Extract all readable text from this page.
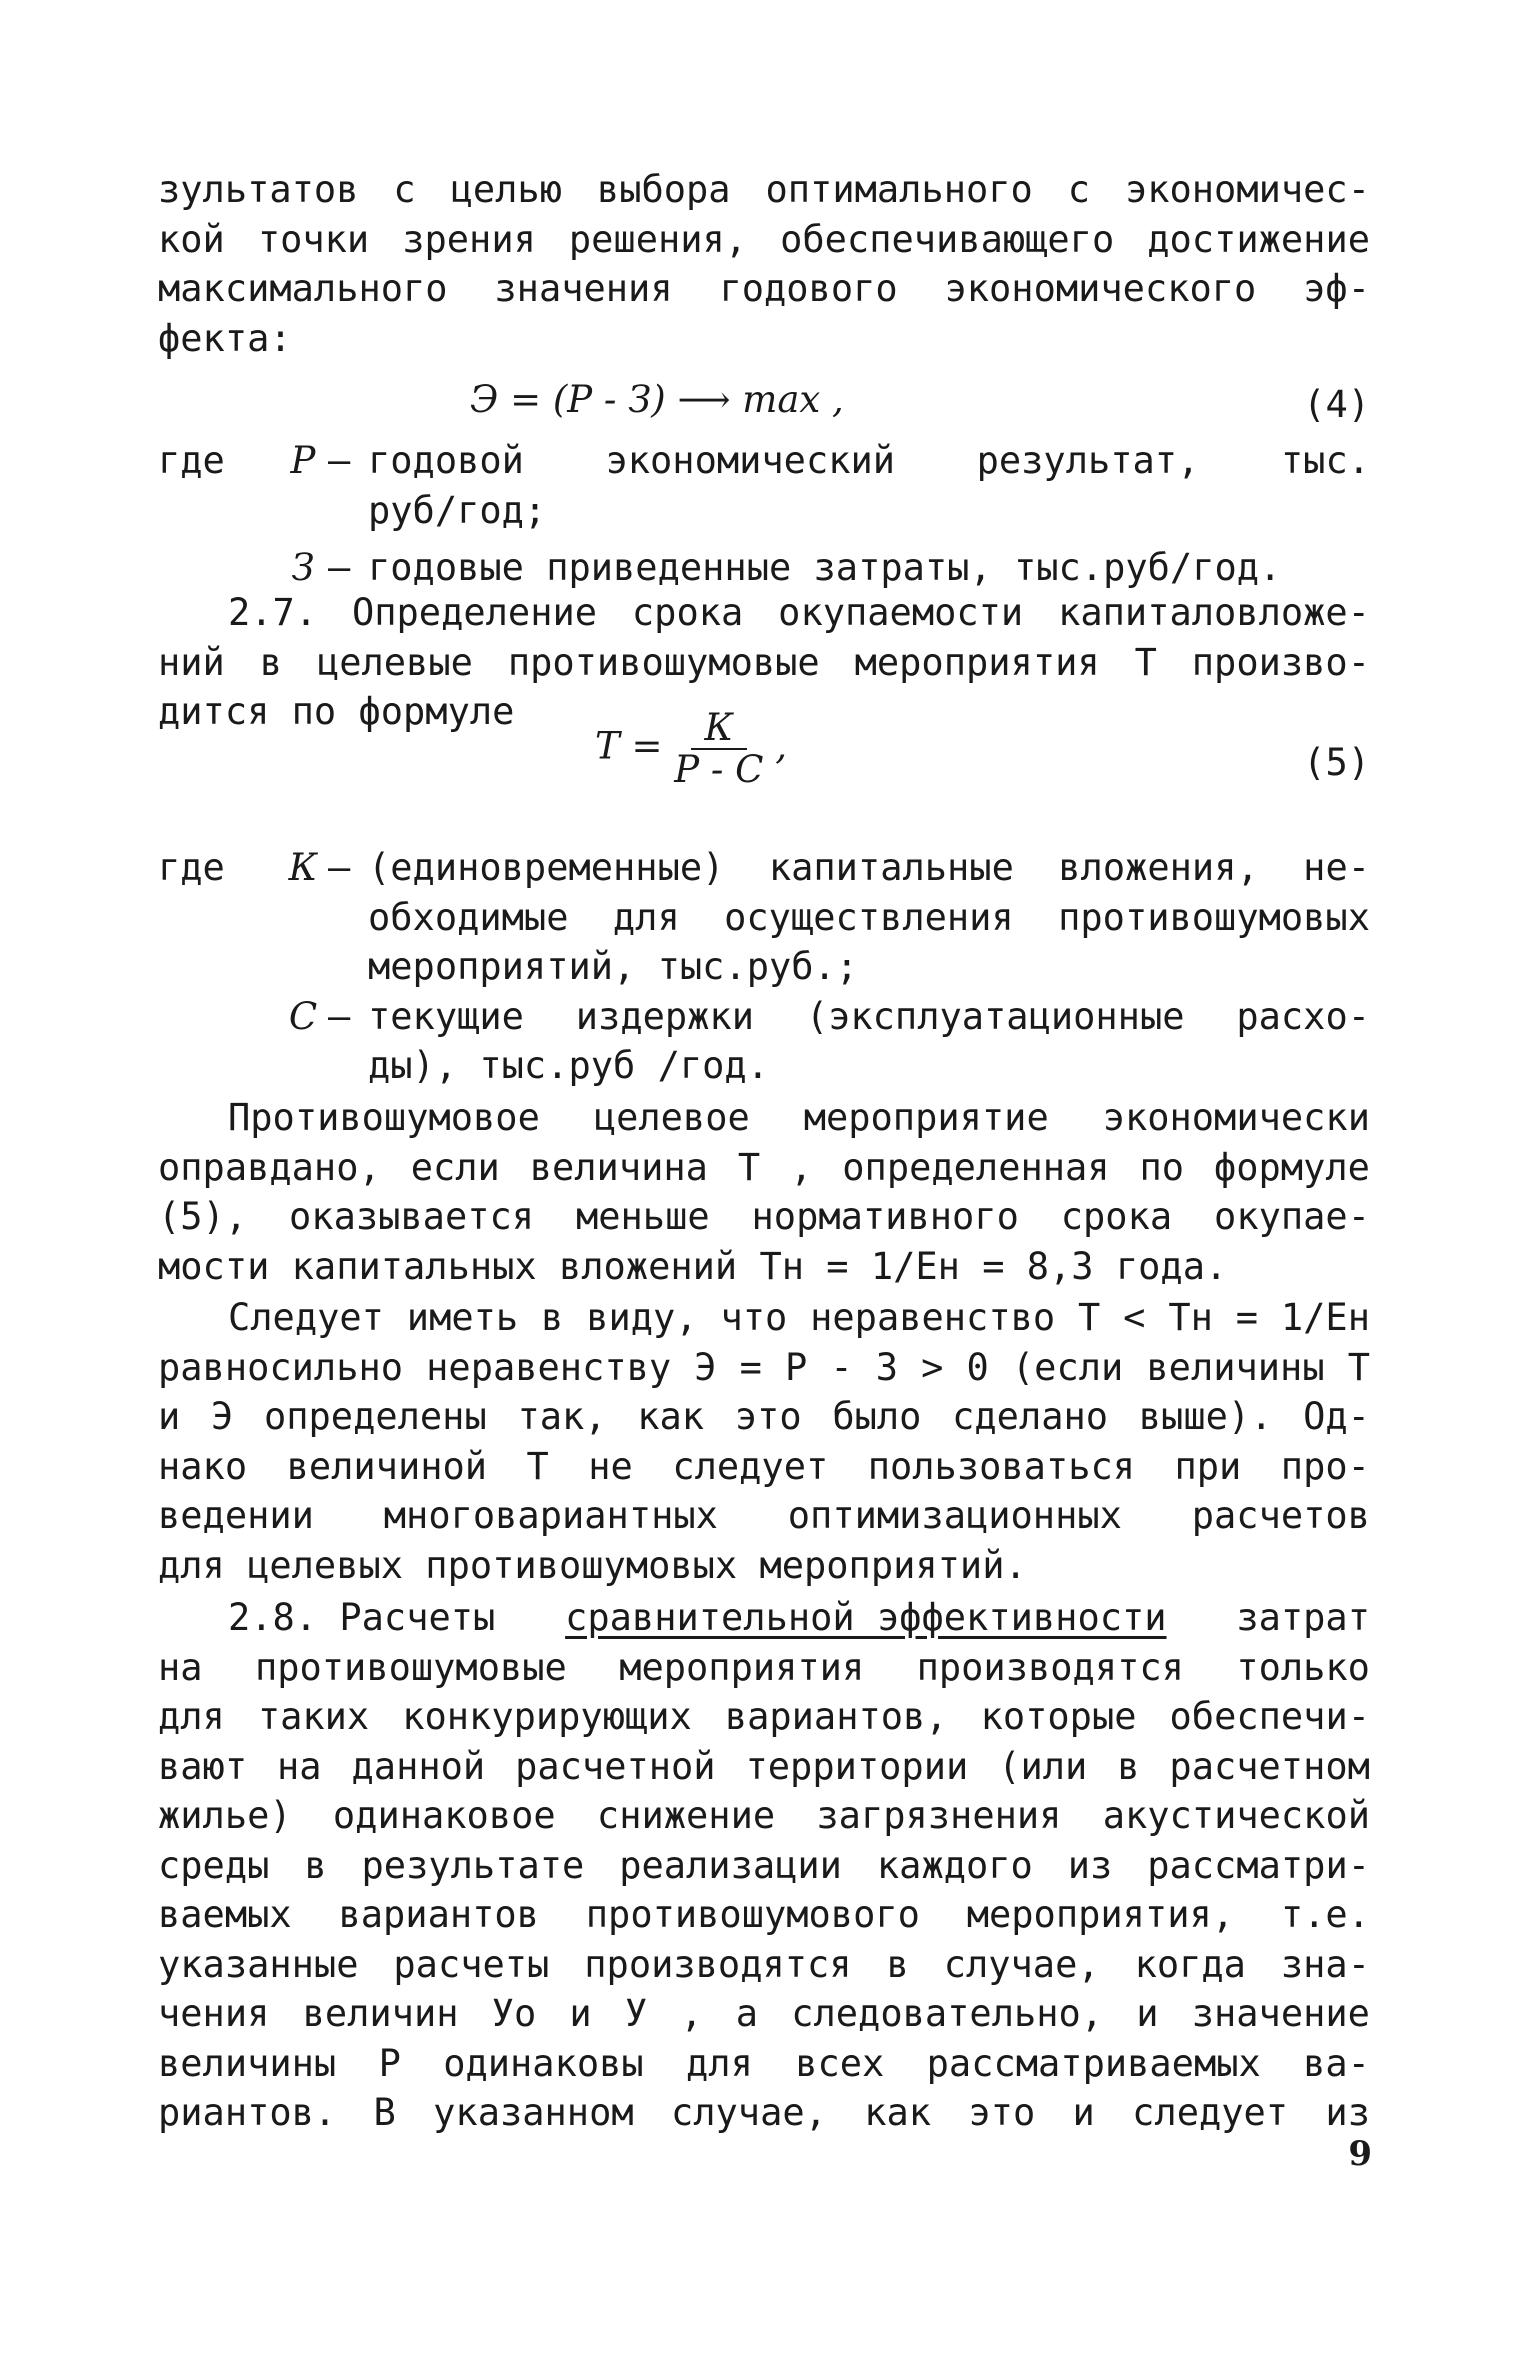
зультатов с целью выбора оптимального с экономичес-
кой точки зрения решения, обеспечивающего достижение
максимального значения годового экономического эф-
фекта:
Э = (Р - З) ⟶ max ,	(4)
где	Р – годовой экономический результат, тыс.
руб/год;
З – годовые приведенные затраты, тыс.руб/год.
2.7. Определение срока окупаемости капиталовложе-
ний в целевые противошумовые мероприятия Т произво-
дится по формуле
$Т = \frac{К}{Р - С}$ ,	(5)
где	К – (единовременные) капитальные вложения, не-
обходимые для осуществления противошумовых
мероприятий, тыс.руб.;
С – текущие издержки (эксплуатационные расхо-
ды), тыс.руб /год.
Противошумовое целевое мероприятие экономически
оправдано, если величина Т , определенная по формуле
(5), оказывается меньше нормативного срока окупае-
мости капитальных вложений Тн = 1/Ен = 8,3 года.
Следует иметь в виду, что неравенство Т < Тн = 1/Ен
равносильно неравенству Э = Р - З > 0 (если величины Т
и Э определены так, как это было сделано выше). Од-
нако величиной Т не следует пользоваться при про-
ведении многовариантных оптимизационных расчетов
для целевых противошумовых мероприятий.
2.8. Расчеты сравнительной эффективности затрат
на противошумовые мероприятия производятся только
для таких конкурирующих вариантов, которые обеспечи-
вают на данной расчетной территории (или в расчетном
жилье) одинаковое снижение загрязнения акустической
среды в результате реализации каждого из рассматри-
ваемых вариантов противошумового мероприятия, т.е.
указанные расчеты производятся в случае, когда зна-
чения величин Уо и У , а следовательно, и значение
величины Р одинаковы для всех рассматриваемых ва-
риантов. В указанном случае, как это и следует из
9
